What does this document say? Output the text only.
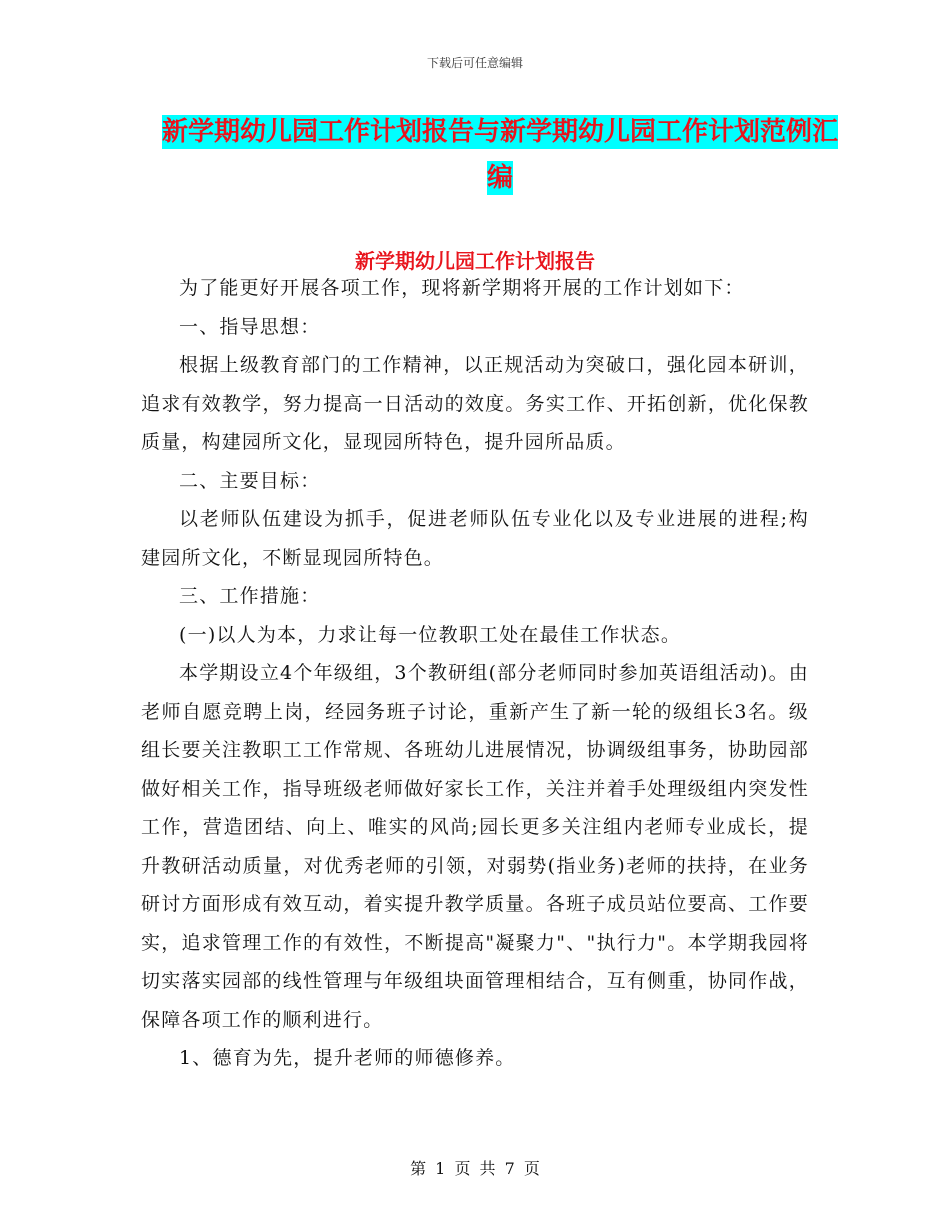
下载后可任意编辑
新学期幼儿园工作计划报告与新学期幼儿园工作计划范例汇编
新学期幼儿园工作计划报告

为了能更好开展各项工作，现将新学期将开展的工作计划如下：

一、指导思想：

根据上级教育部门的工作精神，以正规活动为突破口，强化园本研训，追求有效教学，努力提高一日活动的效度。务实工作、开拓创新，优化保教质量，构建园所文化，显现园所特色，提升园所品质。

二、主要目标：

以老师队伍建设为抓手，促进老师队伍专业化以及专业进展的进程;构建园所文化，不断显现园所特色。

三、工作措施：

(一)以人为本，力求让每一位教职工处在最佳工作状态。

本学期设立4个年级组，3个教研组(部分老师同时参加英语组活动)。由老师自愿竞聘上岗，经园务班子讨论，重新产生了新一轮的级组长3名。级组长要关注教职工工作常规、各班幼儿进展情况，协调级组事务，协助园部做好相关工作，指导班级老师做好家长工作，关注并着手处理级组内突发性工作，营造团结、向上、唯实的风尚;园长更多关注组内老师专业成长，提升教研活动质量，对优秀老师的引领，对弱势(指业务)老师的扶持，在业务研讨方面形成有效互动，着实提升教学质量。各班子成员站位要高、工作要实，追求管理工作的有效性，不断提高"凝聚力"、"执行力"。本学期我园将切实落实园部的线性管理与年级组块面管理相结合，互有侧重，协同作战，保障各项工作的顺利进行。

1、德育为先，提升老师的师德修养。

第 1 页 共 7 页
